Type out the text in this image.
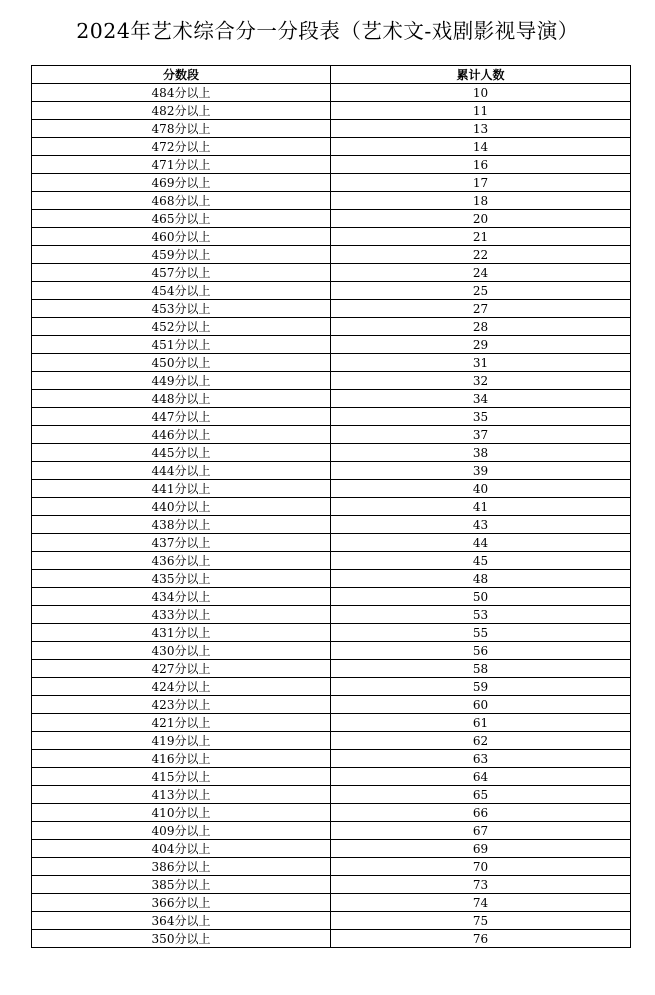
2024年艺术综合分一分段表（艺术文-戏剧影视导演）
分数段	累计人数
484分以上	10
482分以上	11
478分以上	13
472分以上	14
471分以上	16
469分以上	17
468分以上	18
465分以上	20
460分以上	21
459分以上	22
457分以上	24
454分以上	25
453分以上	27
452分以上	28
451分以上	29
450分以上	31
449分以上	32
448分以上	34
447分以上	35
446分以上	37
445分以上	38
444分以上	39
441分以上	40
440分以上	41
438分以上	43
437分以上	44
436分以上	45
435分以上	48
434分以上	50
433分以上	53
431分以上	55
430分以上	56
427分以上	58
424分以上	59
423分以上	60
421分以上	61
419分以上	62
416分以上	63
415分以上	64
413分以上	65
410分以上	66
409分以上	67
404分以上	69
386分以上	70
385分以上	73
366分以上	74
364分以上	75
350分以上	76
